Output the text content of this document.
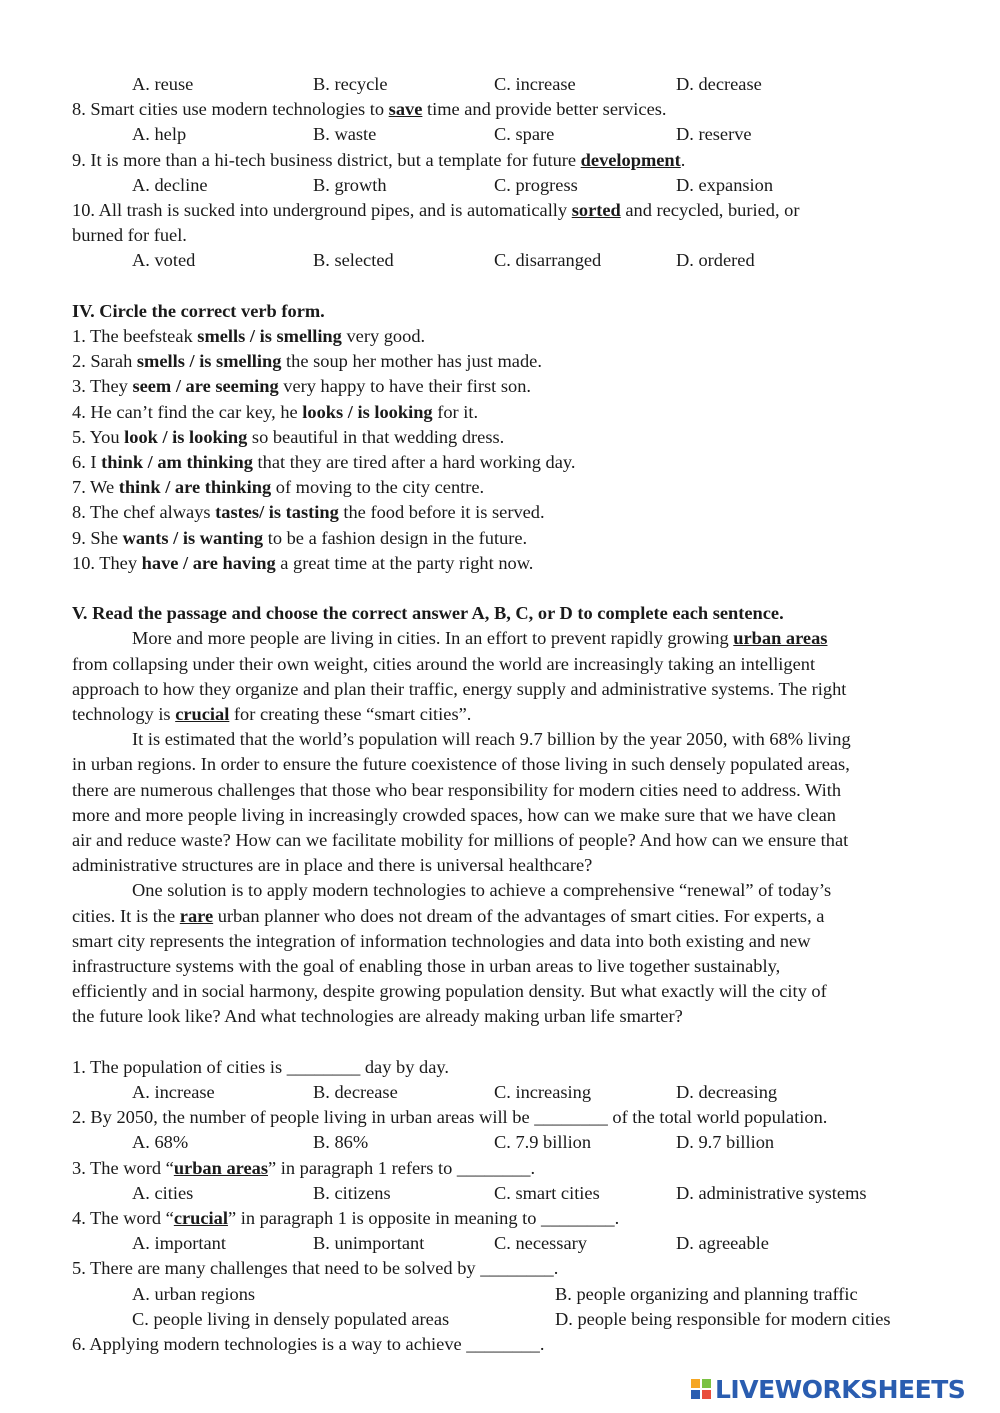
A. reuse	B. recycle	C. increase	D. decrease
8. Smart cities use modern technologies to save time and provide better services.
A. help	B. waste	C. spare	D. reserve
9. It is more than a hi-tech business district, but a template for future development.
A. decline	B. growth	C. progress	D. expansion
10. All trash is sucked into underground pipes, and is automatically sorted and recycled, buried, or
burned for fuel.
A. voted	B. selected	C. disarranged	D. ordered
IV. Circle the correct verb form.
1. The beefsteak smells / is smelling very good.
2. Sarah smells / is smelling the soup her mother has just made.
3. They seem / are seeming very happy to have their first son.
4. He can’t find the car key, he looks / is looking for it.
5. You look / is looking so beautiful in that wedding dress.
6. I think / am thinking that they are tired after a hard working day.
7. We think / are thinking of moving to the city centre.
8. The chef always tastes/ is tasting the food before it is served.
9. She wants / is wanting to be a fashion design in the future.
10. They have / are having a great time at the party right now.
V. Read the passage and choose the correct answer A, B, C, or D to complete each sentence.
More and more people are living in cities. In an effort to prevent rapidly growing urban areas
from collapsing under their own weight, cities around the world are increasingly taking an intelligent
approach to how they organize and plan their traffic, energy supply and administrative systems. The right
technology is crucial for creating these “smart cities”.
It is estimated that the world’s population will reach 9.7 billion by the year 2050, with 68% living
in urban regions. In order to ensure the future coexistence of those living in such densely populated areas,
there are numerous challenges that those who bear responsibility for modern cities need to address. With
more and more people living in increasingly crowded spaces, how can we make sure that we have clean
air and reduce waste? How can we facilitate mobility for millions of people? And how can we ensure that
administrative structures are in place and there is universal healthcare?
One solution is to apply modern technologies to achieve a comprehensive “renewal” of today’s
cities. It is the rare urban planner who does not dream of the advantages of smart cities. For experts, a
smart city represents the integration of information technologies and data into both existing and new
infrastructure systems with the goal of enabling those in urban areas to live together sustainably,
efficiently and in social harmony, despite growing population density. But what exactly will the city of
the future look like? And what technologies are already making urban life smarter?
1. The population of cities is ________ day by day.
A. increase	B. decrease	C. increasing	D. decreasing
2. By 2050, the number of people living in urban areas will be ________ of the total world population.
A. 68%	B. 86%	C. 7.9 billion	D. 9.7 billion
3. The word “urban areas” in paragraph 1 refers to ________.
A. cities	B. citizens	C. smart cities	D. administrative systems
4. The word “crucial” in paragraph 1 is opposite in meaning to ________.
A. important	B. unimportant	C. necessary	D. agreeable
5. There are many challenges that need to be solved by ________.
A. urban regions	B. people organizing and planning traffic
C. people living in densely populated areas	D. people being responsible for modern cities
6. Applying modern technologies is a way to achieve ________.
LIVEWORKSHEETS
